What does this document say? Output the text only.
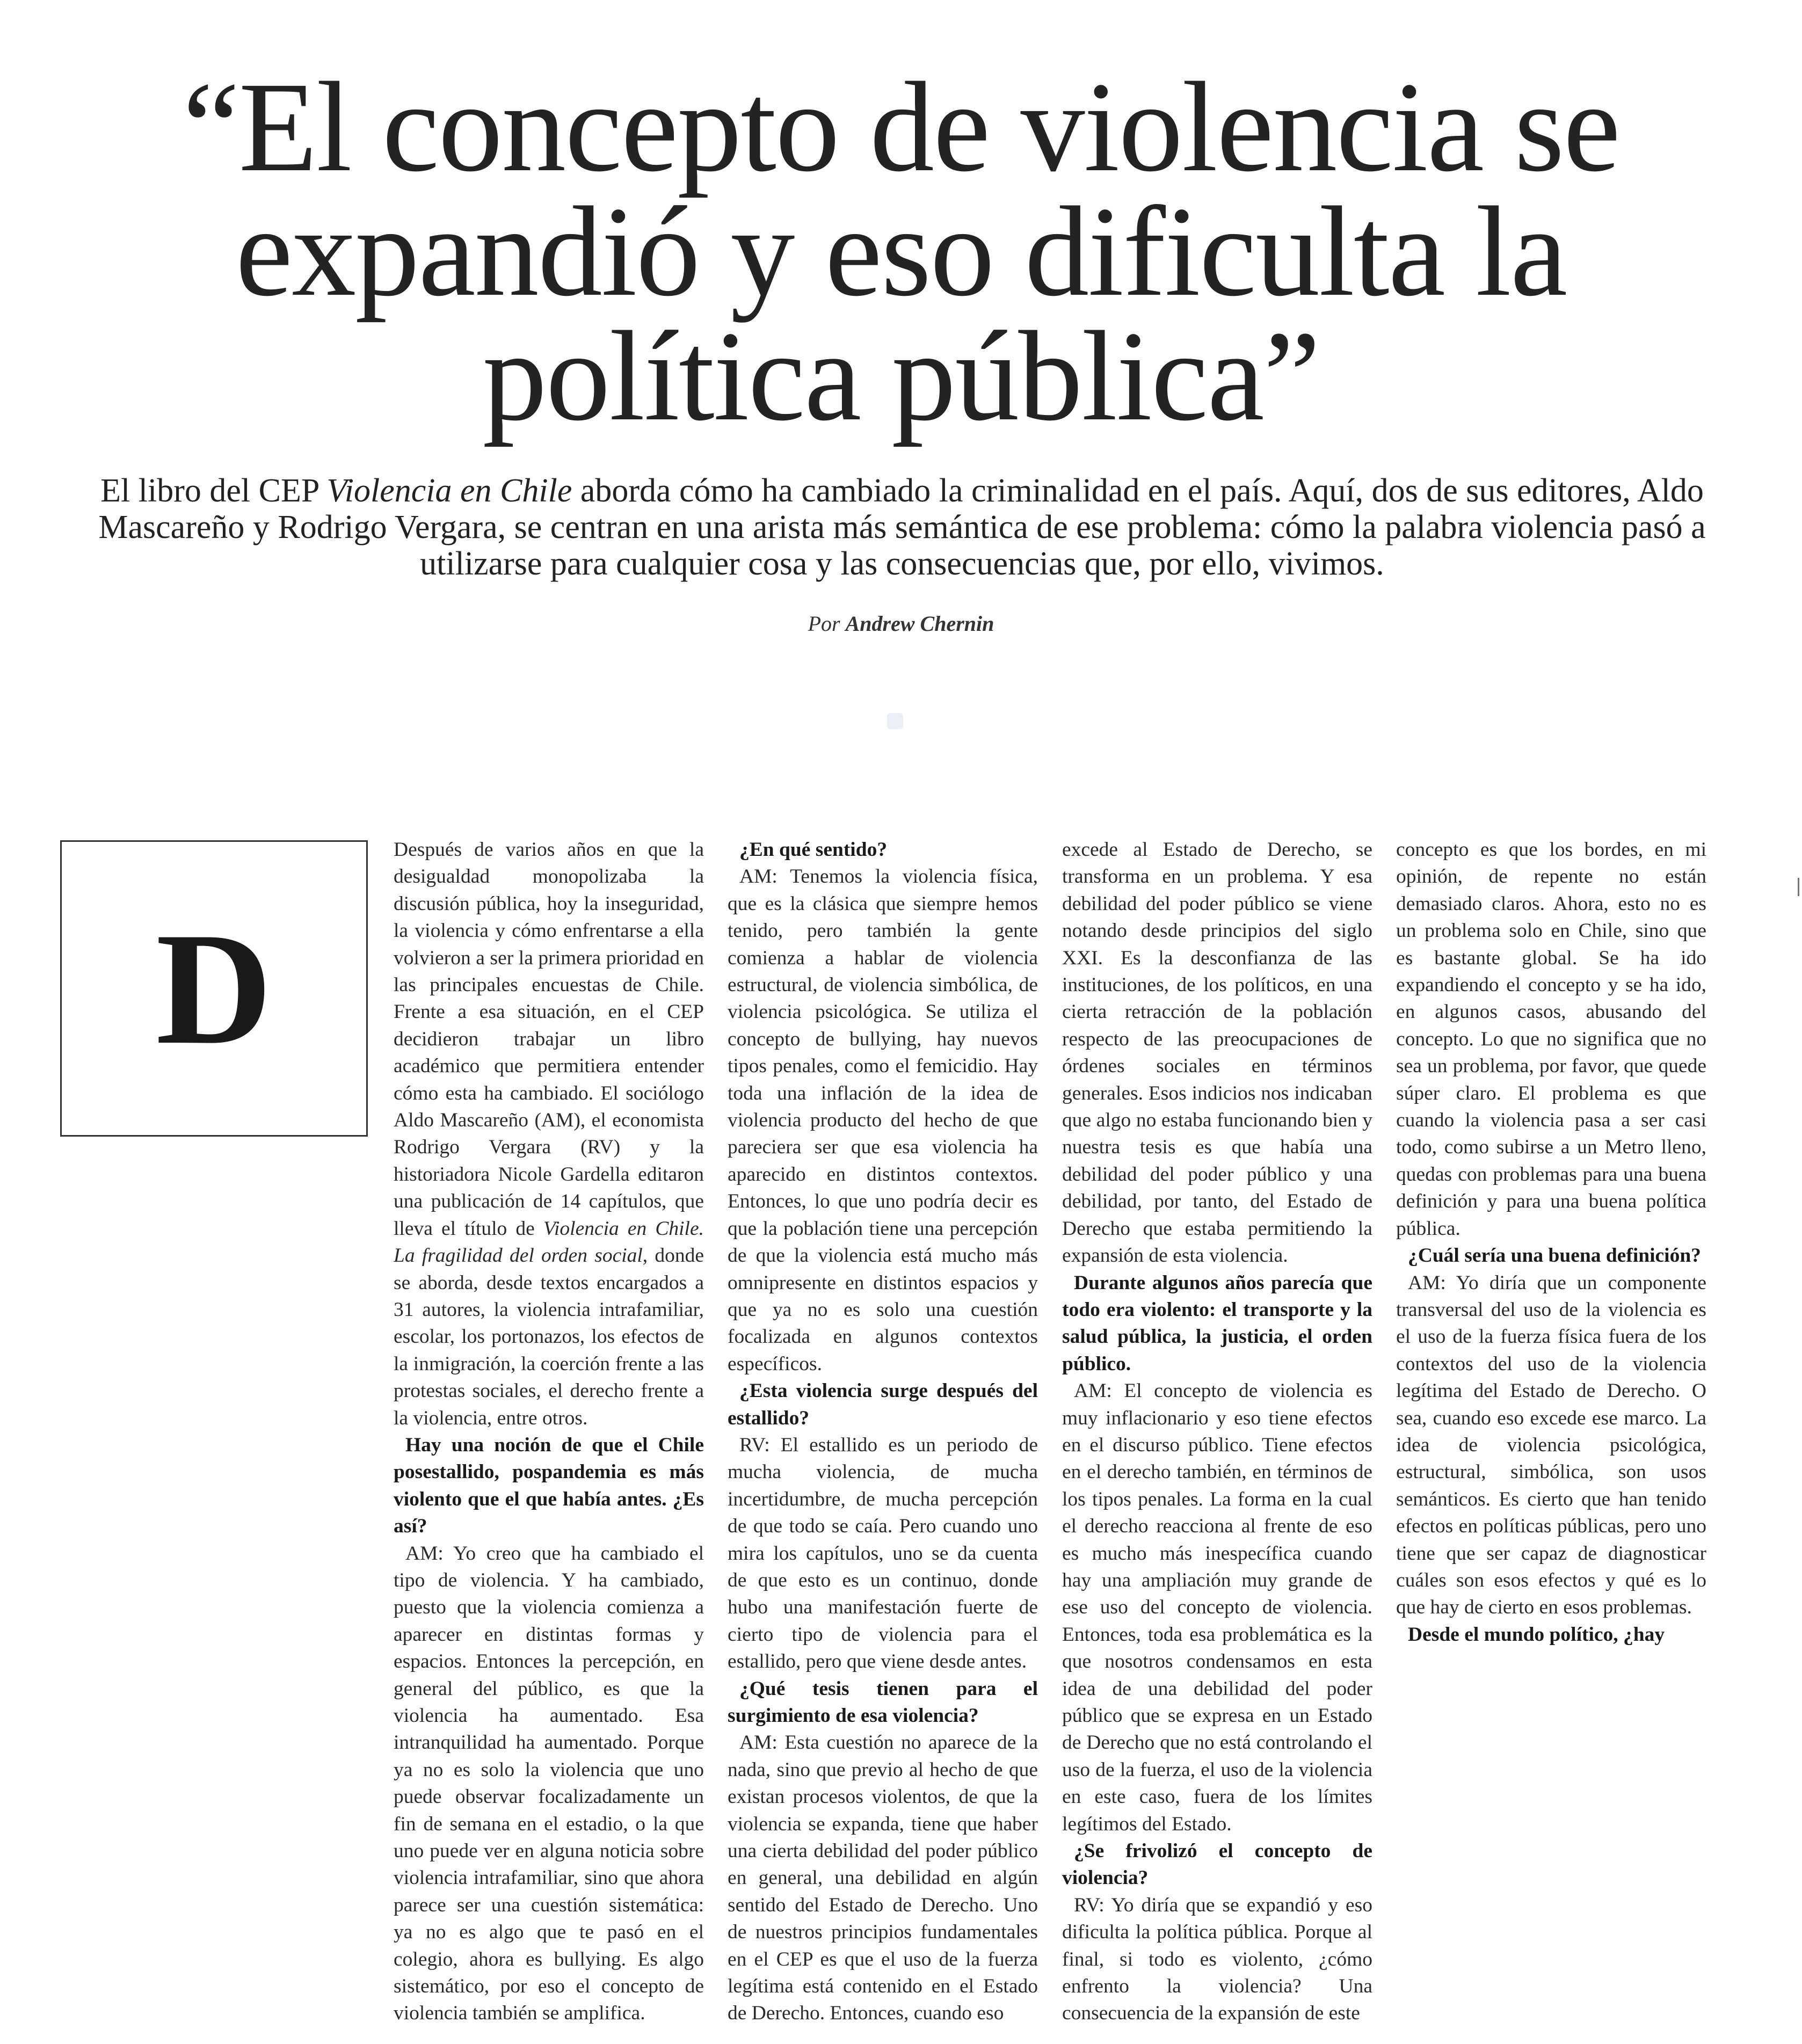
“El concepto de violencia se
expandió y eso dificulta la
política pública”

El libro del CEP Violencia en Chile aborda cómo ha cambiado la criminalidad en el país. Aquí, dos de sus editores, Aldo Mascareño y Rodrigo Vergara, se centran en una arista más semántica de ese problema: cómo la palabra violencia pasó a utilizarse para cualquier cosa y las consecuencias que, por ello, vivimos.

Por Andrew Chernin
D

Después de varios años en que la desigualdad monopolizaba la discusión pública, hoy la inseguridad, la violencia y cómo enfrentarse a ella volvieron a ser la primera prioridad en las principales encuestas de Chile. Frente a esa situación, en el CEP decidieron trabajar un libro académico que permitiera entender cómo esta ha cambiado. El sociólogo Aldo Mascareño (AM), el economista Rodrigo Vergara (RV) y la historiadora Nicole Gardella editaron una publicación de 14 capítulos, que lleva el título de Violencia en Chile. La fragilidad del orden social, donde se aborda, desde textos encargados a 31 autores, la violencia intrafamiliar, escolar, los portonazos, los efectos de la inmigración, la coerción frente a las protestas sociales, el derecho frente a la violencia, entre otros.

Hay una noción de que el Chile posestallido, pospandemia es más violento que el que había antes. ¿Es así?

AM: Yo creo que ha cambiado el tipo de violencia. Y ha cambiado, puesto que la violencia comienza a aparecer en distintas formas y espacios. Entonces la percepción, en general del público, es que la violencia ha aumentado. Esa intranquilidad ha aumentado. Porque ya no es solo la violencia que uno puede observar focalizadamente un fin de semana en el estadio, o la que uno puede ver en alguna noticia sobre violencia intrafamiliar, sino que ahora parece ser una cuestión sistemática: ya no es algo que te pasó en el colegio, ahora es bullying. Es algo sistemático, por eso el concepto de violencia también se amplifica.

¿En qué sentido?

AM: Tenemos la violencia física, que es la clásica que siempre hemos tenido, pero también la gente comienza a hablar de violencia estructural, de violencia simbólica, de violencia psicológica. Se utiliza el concepto de bullying, hay nuevos tipos penales, como el femicidio. Hay toda una inflación de la idea de violencia producto del hecho de que pareciera ser que esa violencia ha aparecido en distintos contextos. Entonces, lo que uno podría decir es que la población tiene una percepción de que la violencia está mucho más omnipresente en distintos espacios y que ya no es solo una cuestión focalizada en algunos contextos específicos.

¿Esta violencia surge después del estallido?

RV: El estallido es un periodo de mucha violencia, de mucha incertidumbre, de mucha percepción de que todo se caía. Pero cuando uno mira los capítulos, uno se da cuenta de que esto es un continuo, donde hubo una manifestación fuerte de cierto tipo de violencia para el estallido, pero que viene desde antes.

¿Qué tesis tienen para el surgimiento de esa violencia?

AM: Esta cuestión no aparece de la nada, sino que previo al hecho de que existan procesos violentos, de que la violencia se expanda, tiene que haber una cierta debilidad del poder público en general, una debilidad en algún sentido del Estado de Derecho. Uno de nuestros principios fundamentales en el CEP es que el uso de la fuerza legítima está contenido en el Estado de Derecho. Entonces, cuando eso

excede al Estado de Derecho, se transforma en un problema. Y esa debilidad del poder público se viene notando desde principios del siglo XXI. Es la desconfianza de las instituciones, de los políticos, en una cierta retracción de la población respecto de las preocupaciones de órdenes sociales en términos generales. Esos indicios nos indicaban que algo no estaba funcionando bien y nuestra tesis es que había una debilidad del poder público y una debilidad, por tanto, del Estado de Derecho que estaba permitiendo la expansión de esta violencia.

Durante algunos años parecía que todo era violento: el transporte y la salud pública, la justicia, el orden público.

AM: El concepto de violencia es muy inflacionario y eso tiene efectos en el discurso público. Tiene efectos en el derecho también, en términos de los tipos penales. La forma en la cual el derecho reacciona al frente de eso es mucho más inespecífica cuando hay una ampliación muy grande de ese uso del concepto de violencia. Entonces, toda esa problemática es la que nosotros condensamos en esta idea de una debilidad del poder público que se expresa en un Estado de Derecho que no está controlando el uso de la fuerza, el uso de la violencia en este caso, fuera de los límites legítimos del Estado.

¿Se frivolizó el concepto de violencia?

RV: Yo diría que se expandió y eso dificulta la política pública. Porque al final, si todo es violento, ¿cómo enfrento la violencia? Una consecuencia de la expansión de este

concepto es que los bordes, en mi opinión, de repente no están demasiado claros. Ahora, esto no es un problema solo en Chile, sino que es bastante global. Se ha ido expandiendo el concepto y se ha ido, en algunos casos, abusando del concepto. Lo que no significa que no sea un problema, por favor, que quede súper claro. El problema es que cuando la violencia pasa a ser casi todo, como subirse a un Metro lleno, quedas con problemas para una buena definición y para una buena política pública.

¿Cuál sería una buena definición?

AM: Yo diría que un componente transversal del uso de la violencia es el uso de la fuerza física fuera de los contextos del uso de la violencia legítima del Estado de Derecho. O sea, cuando eso excede ese marco. La idea de violencia psicológica, estructural, simbólica, son usos semánticos. Es cierto que han tenido efectos en políticas públicas, pero uno tiene que ser capaz de diagnosticar cuáles son esos efectos y qué es lo que hay de cierto en esos problemas.

Desde el mundo político, ¿hay
